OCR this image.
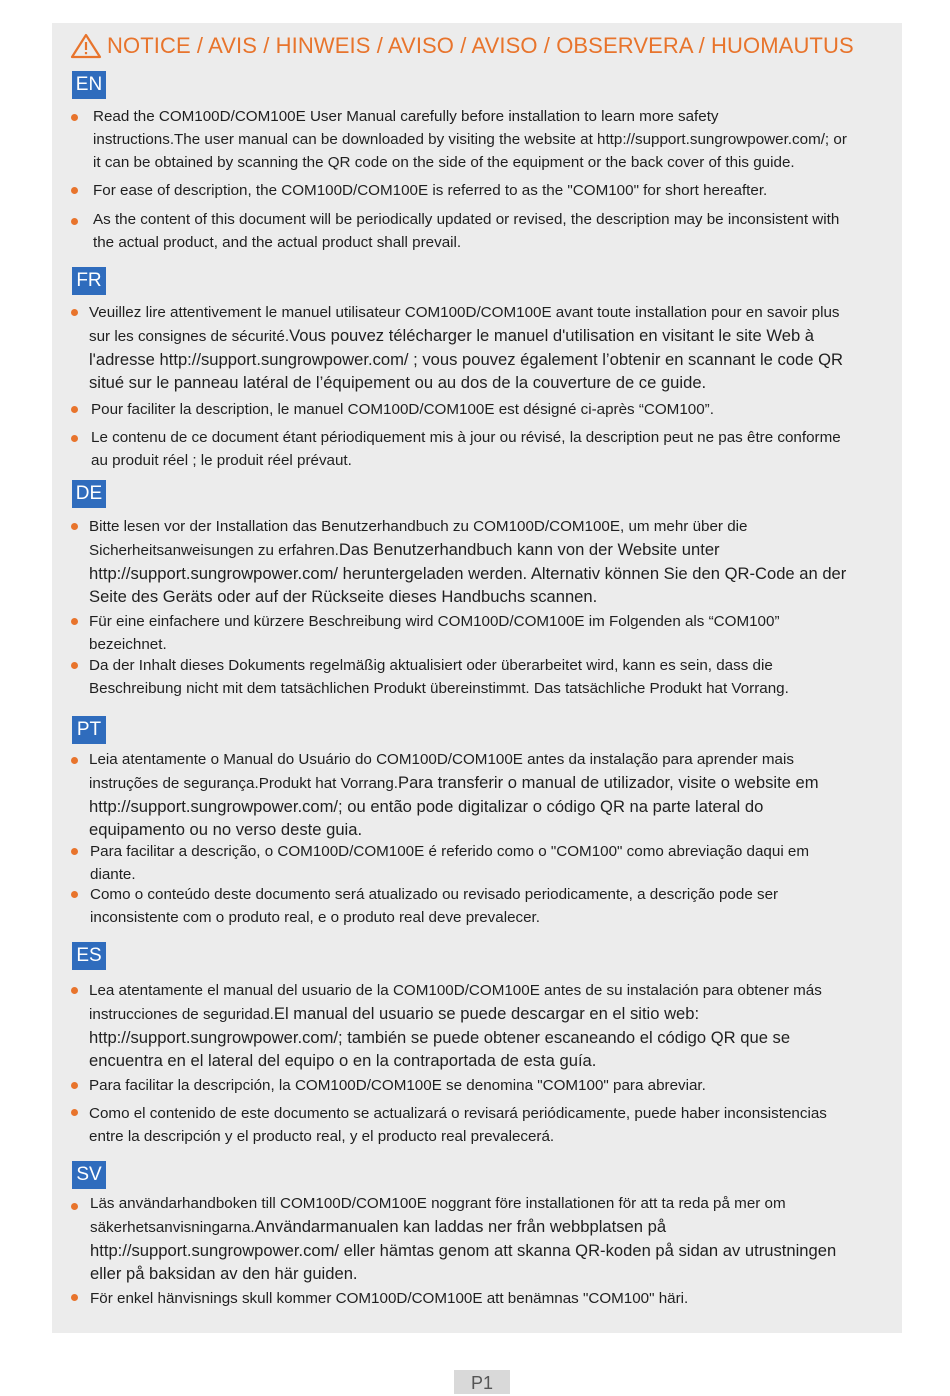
NOTICE / AVIS / HINWEIS / AVISO / AVISO / OBSERVERA / HUOMAUTUS
EN
Read the COM100D/COM100E User Manual carefully before installation to learn more safety
instructions.The user manual can be downloaded by visiting the website at http://support.sungrowpower.com/; or
it can be obtained by scanning the QR code on the side of the equipment or the back cover of this guide.
For ease of description, the COM100D/COM100E is referred to as the "COM100" for short hereafter.
As the content of this document will be periodically updated or revised, the description may be inconsistent with
the actual product, and the actual product shall prevail.
FR
Veuillez lire attentivement le manuel utilisateur COM100D/COM100E avant toute installation pour en savoir plus
sur les consignes de sécurité.Vous pouvez télécharger le manuel d'utilisation en visitant le site Web à
l'adresse http://support.sungrowpower.com/ ; vous pouvez également l’obtenir en scannant le code QR
situé sur le panneau latéral de l’équipement ou au dos de la couverture de ce guide.
Pour faciliter la description, le manuel COM100D/COM100E est désigné ci-après “COM100”.
Le contenu de ce document étant périodiquement mis à jour ou révisé, la description peut ne pas être conforme
au produit réel ; le produit réel prévaut.
DE
Bitte lesen vor der Installation das Benutzerhandbuch zu COM100D/COM100E, um mehr über die
Sicherheitsanweisungen zu erfahren.Das Benutzerhandbuch kann von der Website unter
http://support.sungrowpower.com/ heruntergeladen werden. Alternativ können Sie den QR-Code an der
Seite des Geräts oder auf der Rückseite dieses Handbuchs scannen.
Für eine einfachere und kürzere Beschreibung wird COM100D/COM100E im Folgenden als “COM100”
bezeichnet.
Da der Inhalt dieses Dokuments regelmäßig aktualisiert oder überarbeitet wird, kann es sein, dass die
Beschreibung nicht mit dem tatsächlichen Produkt übereinstimmt. Das tatsächliche Produkt hat Vorrang.
PT
Leia atentamente o Manual do Usuário do COM100D/COM100E antes da instalação para aprender mais
instruções de segurança.Produkt hat Vorrang.Para transferir o manual de utilizador, visite o website em
http://support.sungrowpower.com/; ou então pode digitalizar o código QR na parte lateral do
equipamento ou no verso deste guia.
Para facilitar a descrição, o COM100D/COM100E é referido como o "COM100" como abreviação daqui em
diante.
Como o conteúdo deste documento será atualizado ou revisado periodicamente, a descrição pode ser
inconsistente com o produto real, e o produto real deve prevalecer.
ES
Lea atentamente el manual del usuario de la COM100D/COM100E antes de su instalación para obtener más
instrucciones de seguridad.El manual del usuario se puede descargar en el sitio web:
http://support.sungrowpower.com/; también se puede obtener escaneando el código QR que se
encuentra en el lateral del equipo o en la contraportada de esta guía.
Para facilitar la descripción, la COM100D/COM100E se denomina "COM100" para abreviar.
Como el contenido de este documento se actualizará o revisará periódicamente, puede haber inconsistencias
entre la descripción y el producto real, y el producto real prevalecerá.
SV
Läs användarhandboken till COM100D/COM100E noggrant före installationen för att ta reda på mer om
säkerhetsanvisningarna.Användarmanualen kan laddas ner från webbplatsen på
http://support.sungrowpower.com/ eller hämtas genom att skanna QR-koden på sidan av utrustningen
eller på baksidan av den här guiden.
För enkel hänvisnings skull kommer COM100D/COM100E att benämnas "COM100" häri.
P1
